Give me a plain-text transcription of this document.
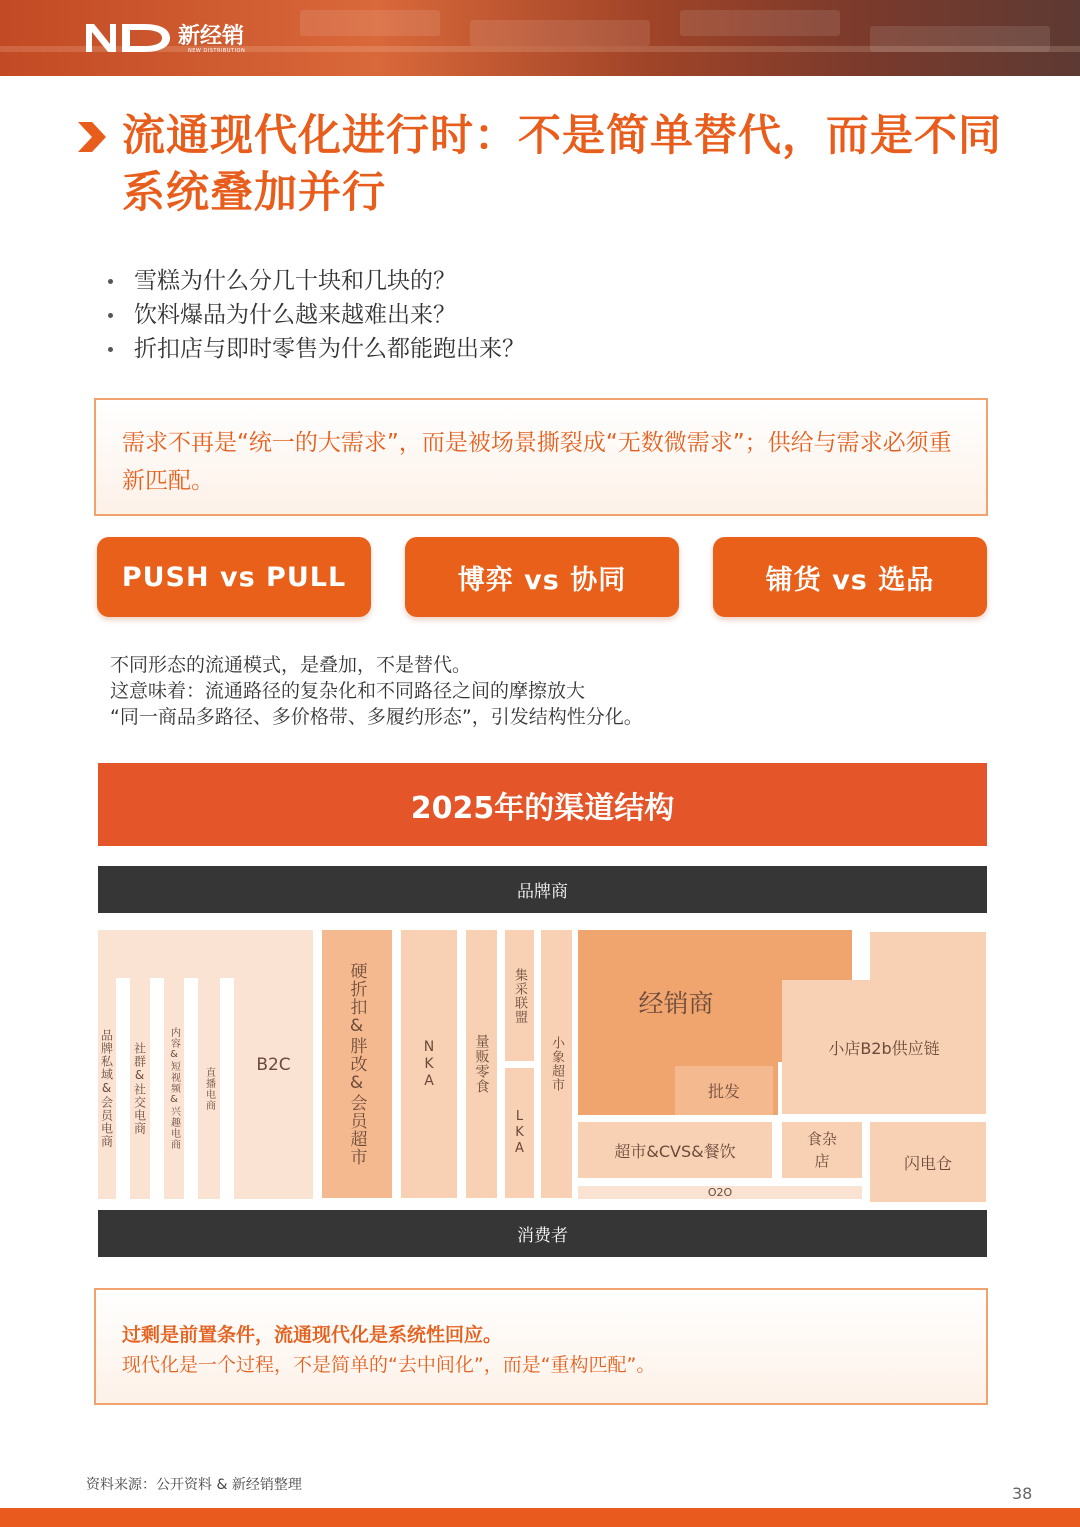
新经销
NEW DISTRIBUTION
流通现代化进行时：不是简单替代，而是不同系统叠加并行
雪糕为什么分几十块和几块的？
饮料爆品为什么越来越难出来？
折扣店与即时零售为什么都能跑出来？

需求不再是“统一的大需求”，而是被场景撕裂成“无数微需求”；供给与需求必须重新匹配。

PUSH vs PULL	博弈 vs 协同	铺货 vs 选品

不同形态的流通模式，是叠加，不是替代。

这意味着：流通路径的复杂化和不同路径之间的摩擦放大

“同一商品多路径、多价格带、多履约形态”，引发结构性分化。

2025年的渠道结构
品牌商
品牌私域&会员电商 社群&社交电商 内容&短视频&兴趣电商 直播电商
B2C	硬折扣&胖改&会员超市	NKA	量贩零食
集采联盟
LKA
小象超市
经销商
批发
小店B2b供应链
超市&CVS&餐饮
食杂店	闪电仓
O2O
消费者

过剩是前置条件，流通现代化是系统性回应。

现代化是一个过程，不是简单的“去中间化”，而是“重构匹配”。

资料来源：公开资料 & 新经销整理	38
